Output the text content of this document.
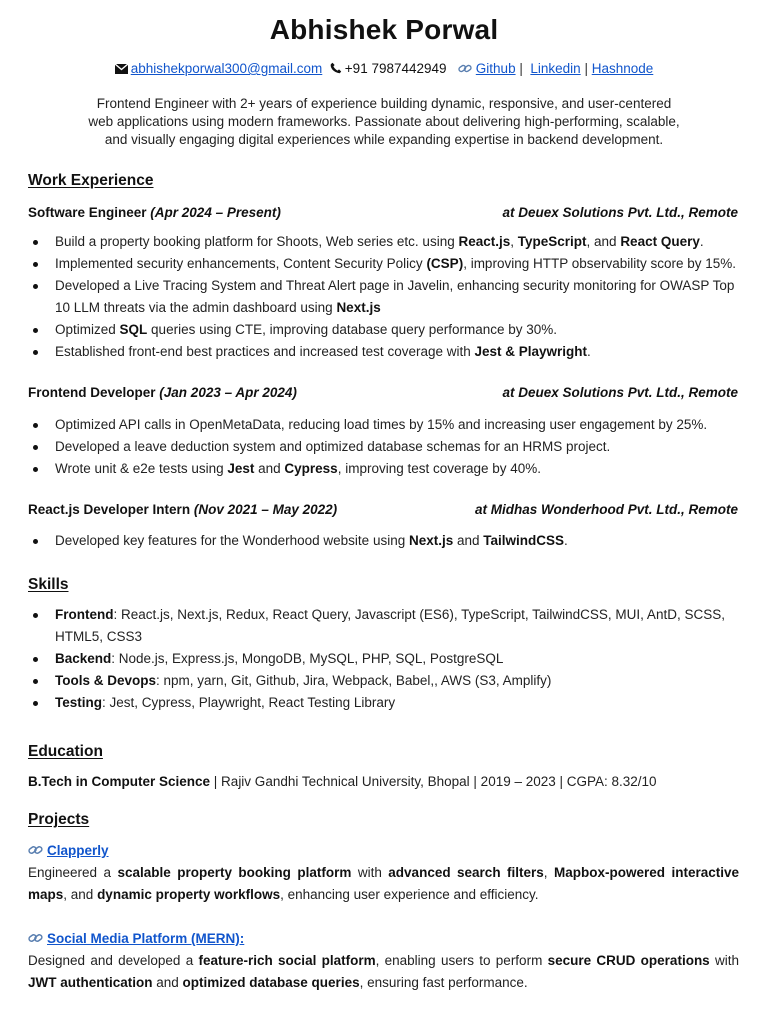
Abhishek Porwal
abhishekporwal300@gmail.com +91 7987442949 Github | Linkedin | Hashnode
Frontend Engineer with 2+ years of experience building dynamic, responsive, and user-centered web applications using modern frameworks. Passionate about delivering high-performing, scalable, and visually engaging digital experiences while expanding expertise in backend development.
Work Experience
Software Engineer (Apr 2024 – Present)	at Deuex Solutions Pvt. Ltd., Remote
Build a property booking platform for Shoots, Web series etc. using React.js, TypeScript, and React Query.
Implemented security enhancements, Content Security Policy (CSP), improving HTTP observability score by 15%.
Developed a Live Tracing System and Threat Alert page in Javelin, enhancing security monitoring for OWASP Top 10 LLM threats via the admin dashboard using Next.js
Optimized SQL queries using CTE, improving database query performance by 30%.
Established front-end best practices and increased test coverage with Jest & Playwright.
Frontend Developer (Jan 2023 – Apr 2024)	at Deuex Solutions Pvt. Ltd., Remote
Optimized API calls in OpenMetaData, reducing load times by 15% and increasing user engagement by 25%.
Developed a leave deduction system and optimized database schemas for an HRMS project.
Wrote unit & e2e tests using Jest and Cypress, improving test coverage by 40%.
React.js Developer Intern (Nov 2021 – May 2022)	at Midhas Wonderhood Pvt. Ltd., Remote
Developed key features for the Wonderhood website using Next.js and TailwindCSS.
Skills
Frontend: React.js, Next.js, Redux, React Query, Javascript (ES6), TypeScript, TailwindCSS, MUI, AntD, SCSS, HTML5, CSS3
Backend: Node.js, Express.js, MongoDB, MySQL, PHP, SQL, PostgreSQL
Tools & Devops: npm, yarn, Git, Github, Jira, Webpack, Babel,, AWS (S3, Amplify)
Testing: Jest, Cypress, Playwright, React Testing Library
Education
B.Tech in Computer Science | Rajiv Gandhi Technical University, Bhopal | 2019 – 2023 | CGPA: 8.32/10
Projects
Clapperly
Engineered a scalable property booking platform with advanced search filters, Mapbox-powered interactive maps, and dynamic property workflows, enhancing user experience and efficiency.
Social Media Platform (MERN):
Designed and developed a feature-rich social platform, enabling users to perform secure CRUD operations with JWT authentication and optimized database queries, ensuring fast performance.
